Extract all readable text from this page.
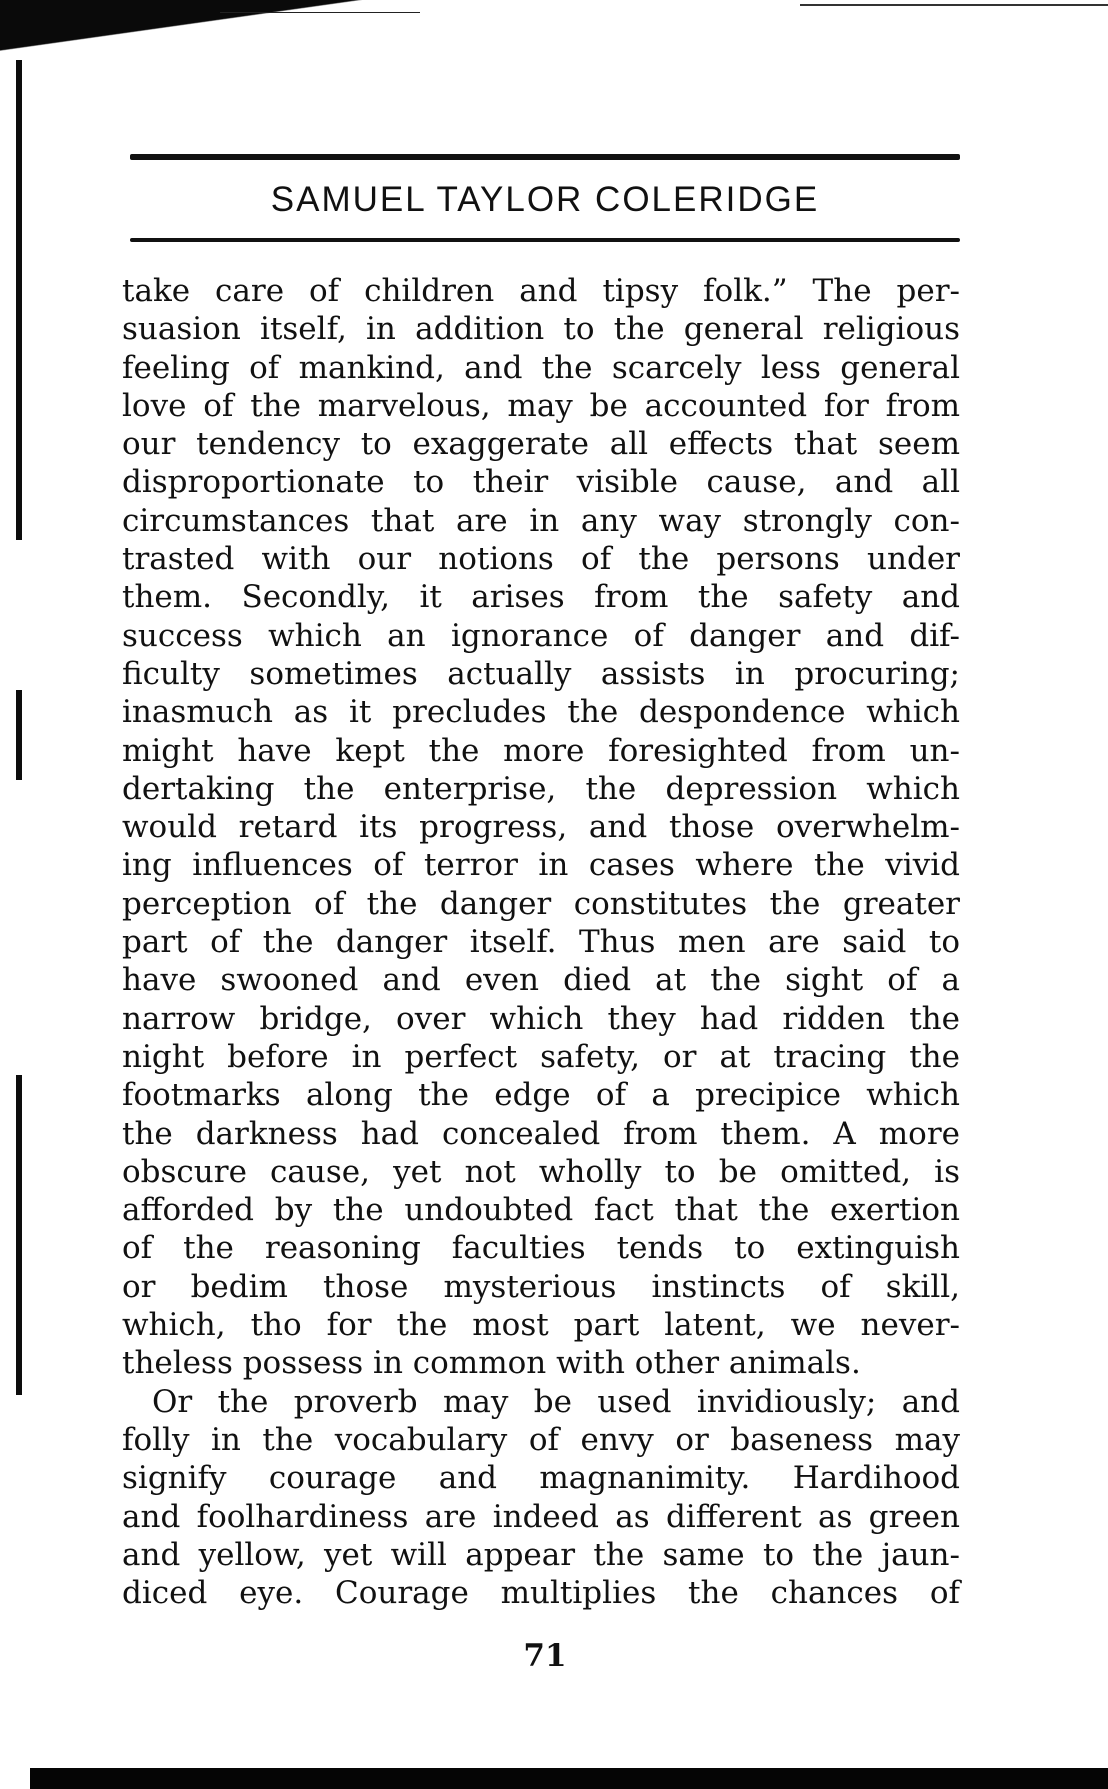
SAMUEL TAYLOR COLERIDGE
take care of children and tipsy folk.” The per-
suasion itself, in addition to the general religious
feeling of mankind, and the scarcely less general
love of the marvelous, may be accounted for from
our tendency to exaggerate all effects that seem
disproportionate to their visible cause, and all
circumstances that are in any way strongly con-
trasted with our notions of the persons under
them. Secondly, it arises from the safety and
success which an ignorance of danger and dif-
ficulty sometimes actually assists in procuring;
inasmuch as it precludes the despondence which
might have kept the more foresighted from un-
dertaking the enterprise, the depression which
would retard its progress, and those overwhelm-
ing influences of terror in cases where the vivid
perception of the danger constitutes the greater
part of the danger itself. Thus men are said to
have swooned and even died at the sight of a
narrow bridge, over which they had ridden the
night before in perfect safety, or at tracing the
footmarks along the edge of a precipice which
the darkness had concealed from them. A more
obscure cause, yet not wholly to be omitted, is
afforded by the undoubted fact that the exertion
of the reasoning faculties tends to extinguish
or bedim those mysterious instincts of skill,
which, tho for the most part latent, we never-
theless possess in common with other animals.
Or the proverb may be used invidiously; and
folly in the vocabulary of envy or baseness may
signify courage and magnanimity. Hardihood
and foolhardiness are indeed as different as green
and yellow, yet will appear the same to the jaun-
diced eye. Courage multiplies the chances of
71
